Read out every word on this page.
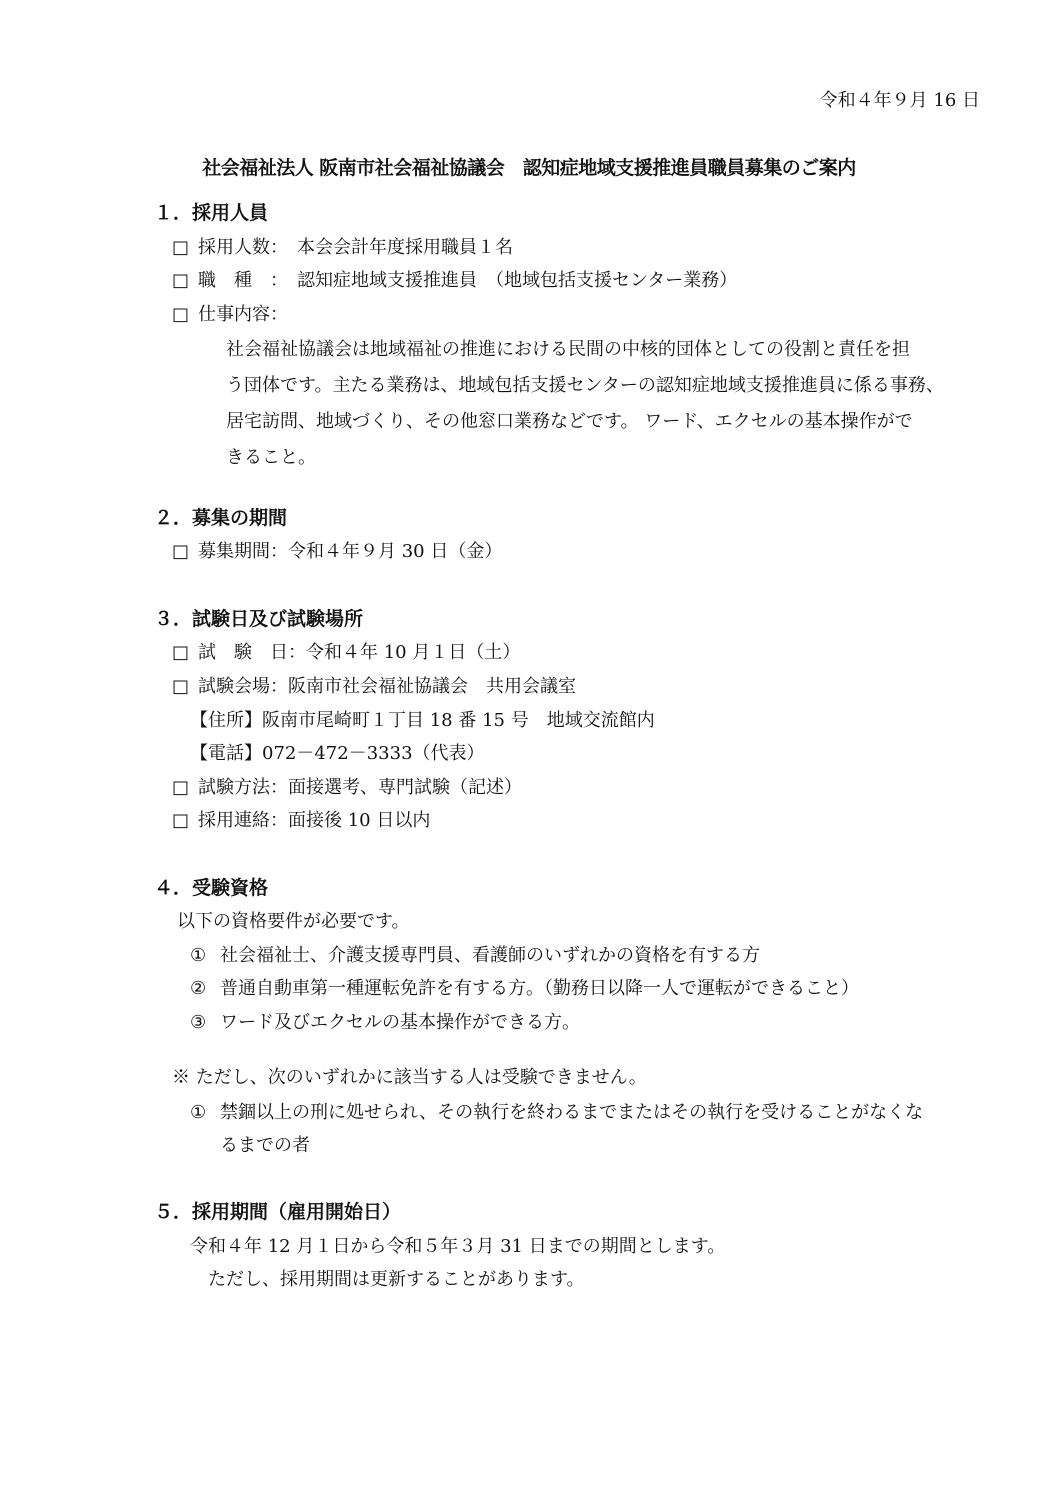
令和４年９月 16 日
社会福祉法人 阪南市社会福祉協議会　認知症地域支援推進員職員募集のご案内
１．採用人員
□ 採用人数：　本会会計年度採用職員１名
□ 職　種　：　認知症地域支援推進員　（地域包括支援センター業務）
□ 仕事内容：

社会福祉協議会は地域福祉の推進における民間の中核的団体としての役割と責任を担

う団体です。主たる業務は、地域包括支援センターの認知症地域支援推進員に係る事務、

居宅訪問、地域づくり、その他窓口業務などです。 ワード、エクセルの基本操作がで

きること。

２．募集の期間
□ 募集期間：令和４年９月 30 日（金）
３．試験日及び試験場所
□ 試　験　日：令和４年 10 月１日（土）
□ 試験会場：阪南市社会福祉協議会　共用会議室
【住所】阪南市尾崎町１丁目 18 番 15 号　地域交流館内
【電話】072－472－3333（代表）
□ 試験方法：面接選考、専門試験（記述）
□ 採用連絡：面接後 10 日以内
４．受験資格
以下の資格要件が必要です。
① 社会福祉士、介護支援専門員、看護師のいずれかの資格を有する方
② 普通自動車第一種運転免許を有する方。（勤務日以降一人で運転ができること）
③ ワード及びエクセルの基本操作ができる方。
※ ただし、次のいずれかに該当する人は受験できません。
① 禁錮以上の刑に処せられ、その執行を終わるまでまたはその執行を受けることがなくな
るまでの者
５．採用期間（雇用開始日）
令和４年 12 月１日から令和５年３月 31 日までの期間とします。
ただし、採用期間は更新することがあります。
